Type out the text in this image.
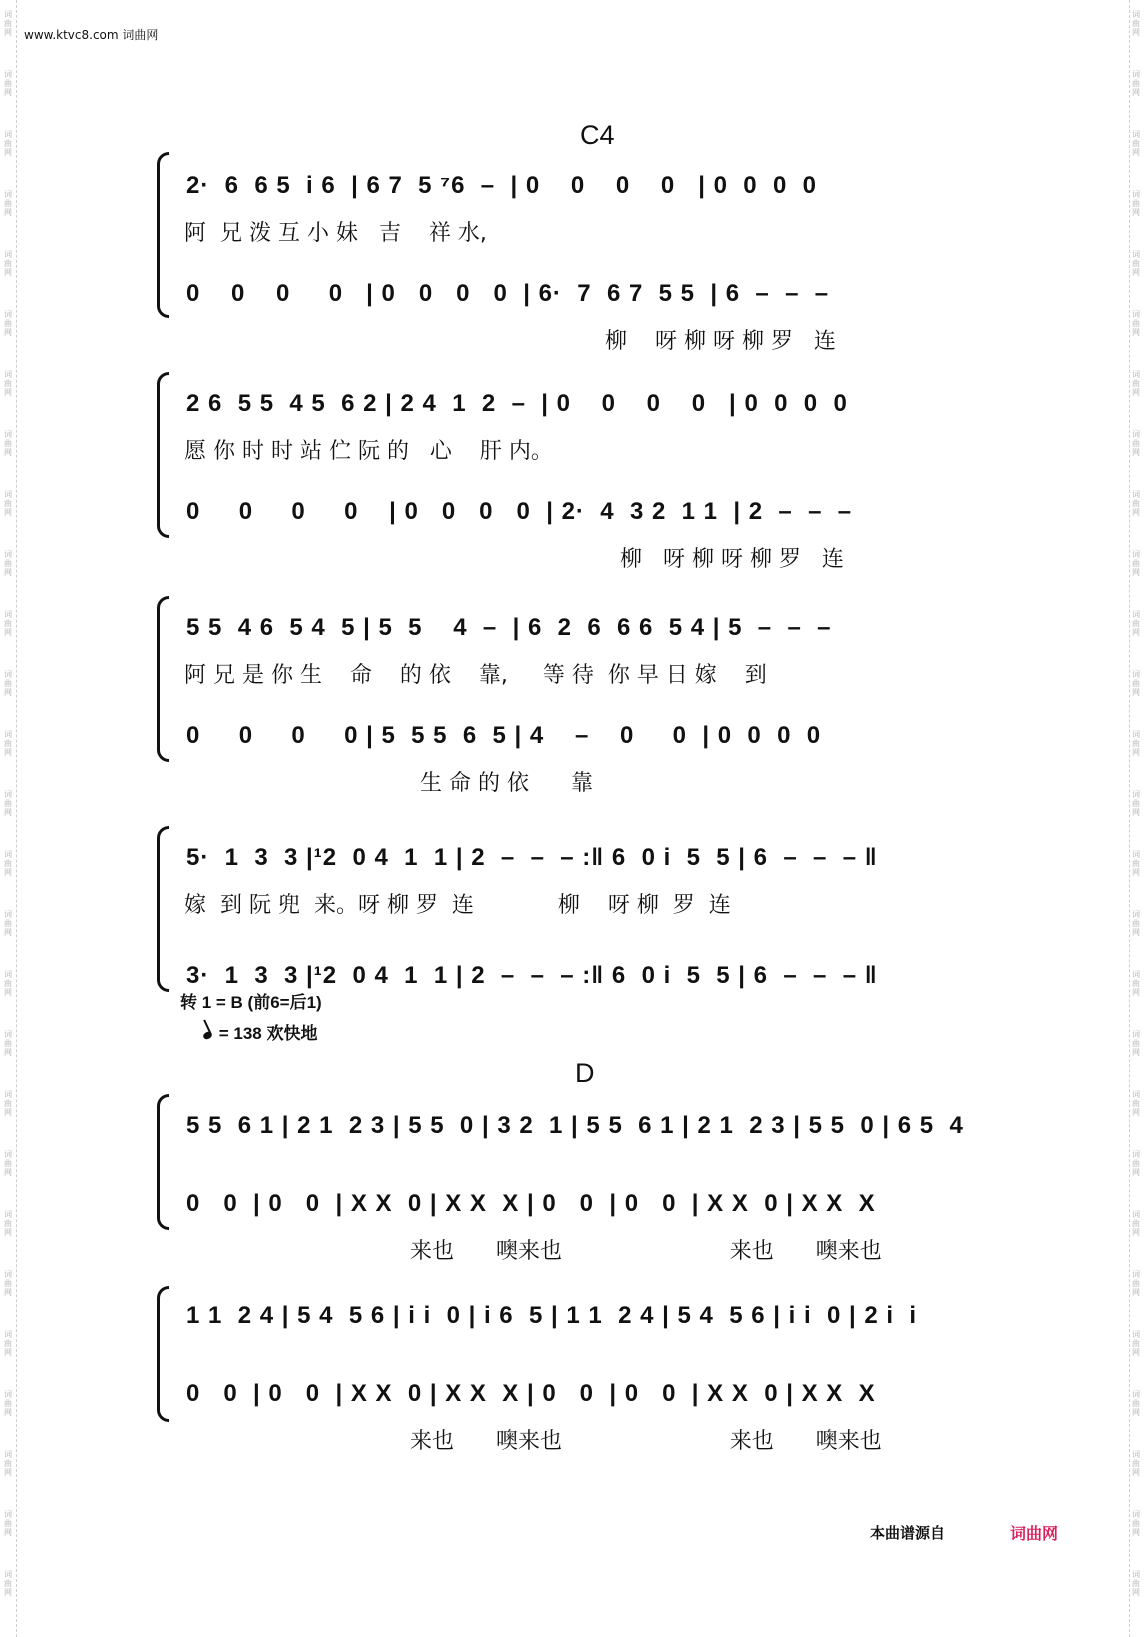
www.ktvc8.com 词曲网
词曲网
词曲网
词曲网
词曲网
词曲网
词曲网
词曲网
词曲网
词曲网
词曲网
词曲网
词曲网
词曲网
词曲网
词曲网
词曲网
词曲网
词曲网
词曲网
词曲网
词曲网
词曲网
词曲网
词曲网
词曲网
词曲网
词曲网
词曲网
词曲网
词曲网
词曲网
词曲网
词曲网
词曲网
词曲网
词曲网
词曲网
词曲网
词曲网
词曲网
词曲网
词曲网
词曲网
词曲网
词曲网
词曲网
词曲网
词曲网
词曲网
词曲网
词曲网
词曲网
词曲网
词曲网
C4
2·  6  6 5  i 6  | 6 7  5 ⁷6  –  | 0    0    0    0   | 0  0  0  0
阿  兄 泼 互 小 妹   吉    祥 水,
0    0    0     0   | 0   0   0   0  | 6·  7  6 7  5 5  | 6  –  –  –
柳    呀 柳 呀 柳 罗   连
2 6  5 5  4 5  6 2 | 2 4  1  2  –  | 0    0    0    0   | 0  0  0  0
愿 你 时 时 站 伫 阮 的   心    肝 内。
0     0     0     0    | 0   0   0   0  | 2·  4  3 2  1 1  | 2  –  –  –
柳   呀 柳 呀 柳 罗   连
5 5  4 6  5 4  5 | 5  5    4  –  | 6  2  6  6 6  5 4 | 5  –  –  –
阿 兄 是 你 生    命    的 依    靠,     等 待  你 早 日 嫁    到
0     0     0     0 | 5  5 5  6  5 | 4    –    0     0  | 0  0  0  0
生 命 的 依      靠
5·  1  3  3 |¹2  0 4  1  1 | 2  –  –  – :‖ 6  0 i  5  5 | 6  –  –  – ‖
嫁  到 阮 兜  来。呀 柳 罗  连            柳    呀 柳  罗  连
3·  1  3  3 |¹2  0 4  1  1 | 2  –  –  – :‖ 6  0 i  5  5 | 6  –  –  – ‖
转 1 = B (前6=后1)
= 138 欢快地
D
5 5  6 1 | 2 1  2 3 | 5 5  0 | 3 2  1 | 5 5  6 1 | 2 1  2 3 | 5 5  0 | 6 5  4
0   0  | 0   0  | X X  0 | X X  X | 0   0  | 0   0  | X X  0 | X X  X
来也      噢来也                        来也      噢来也
1 1  2 4 | 5 4  5 6 | i i  0 | i 6  5 | 1 1  2 4 | 5 4  5 6 | i i  0 | 2 i  i
0   0  | 0   0  | X X  0 | X X  X | 0   0  | 0   0  | X X  0 | X X  X
来也      噢来也                        来也      噢来也
本曲谱源自	词曲网
